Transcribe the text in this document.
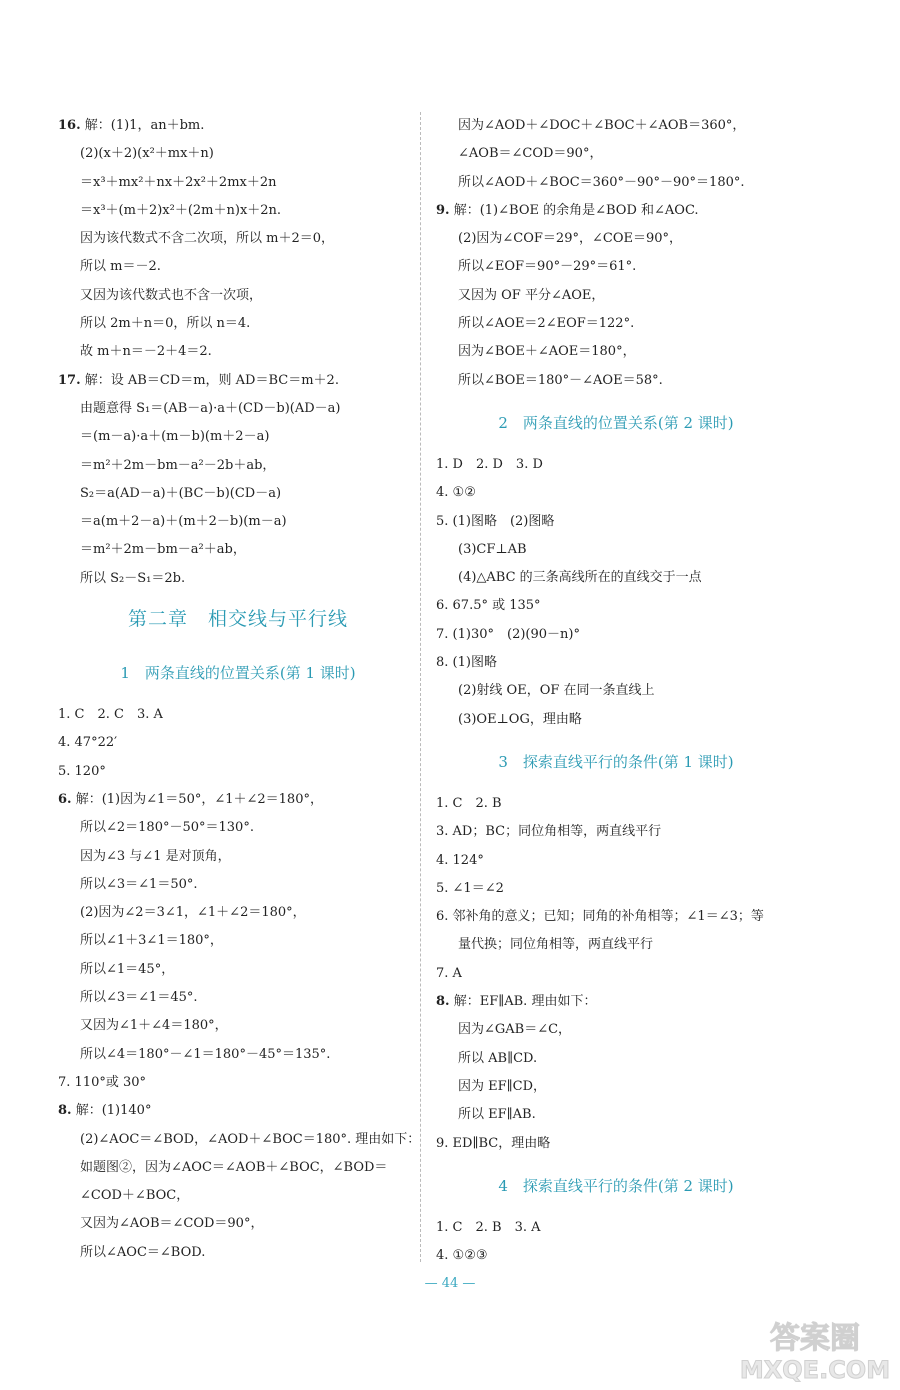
16. 解：(1)1，an＋bm.
(2)(x＋2)(x²＋mx＋n)
＝x³＋mx²＋nx＋2x²＋2mx＋2n
＝x³＋(m＋2)x²＋(2m＋n)x＋2n.
因为该代数式不含二次项，所以 m＋2＝0，
所以 m＝－2.
又因为该代数式也不含一次项，
所以 2m＋n＝0，所以 n＝4.
故 m＋n＝－2＋4＝2.
17. 解：设 AB＝CD＝m，则 AD＝BC＝m＋2.
由题意得 S₁＝(AB－a)·a＋(CD－b)(AD－a)
＝(m－a)·a＋(m－b)(m＋2－a)
＝m²＋2m－bm－a²－2b＋ab，
S₂＝a(AD－a)＋(BC－b)(CD－a)
＝a(m＋2－a)＋(m＋2－b)(m－a)
＝m²＋2m－bm－a²＋ab，
所以 S₂－S₁＝2b.
第二章　相交线与平行线
1　两条直线的位置关系(第 1 课时)
1. C　2. C　3. A
4. 47°22′
5. 120°
6. 解：(1)因为∠1＝50°，∠1＋∠2＝180°，
所以∠2＝180°－50°＝130°.
因为∠3 与∠1 是对顶角，
所以∠3＝∠1＝50°.
(2)因为∠2＝3∠1，∠1＋∠2＝180°，
所以∠1＋3∠1＝180°，
所以∠1＝45°，
所以∠3＝∠1＝45°.
又因为∠1＋∠4＝180°，
所以∠4＝180°－∠1＝180°－45°＝135°.
7. 110°或 30°
8. 解：(1)140°
(2)∠AOC＝∠BOD，∠AOD＋∠BOC＝180°. 理由如下：
如题图②，因为∠AOC＝∠AOB＋∠BOC，∠BOD＝
∠COD＋∠BOC，
又因为∠AOB＝∠COD＝90°，
所以∠AOC＝∠BOD.
因为∠AOD＋∠DOC＋∠BOC＋∠AOB＝360°，
∠AOB＝∠COD＝90°，
所以∠AOD＋∠BOC＝360°－90°－90°＝180°.
9. 解：(1)∠BOE 的余角是∠BOD 和∠AOC.
(2)因为∠COF＝29°，∠COE＝90°，
所以∠EOF＝90°－29°＝61°.
又因为 OF 平分∠AOE，
所以∠AOE＝2∠EOF＝122°.
因为∠BOE＋∠AOE＝180°，
所以∠BOE＝180°－∠AOE＝58°.
2　两条直线的位置关系(第 2 课时)
1. D　2. D　3. D
4. ①②
5. (1)图略　(2)图略
(3)CF⊥AB
(4)△ABC 的三条高线所在的直线交于一点
6. 67.5° 或 135°
7. (1)30°　(2)(90－n)°
8. (1)图略
(2)射线 OE，OF 在同一条直线上
(3)OE⊥OG，理由略
3　探索直线平行的条件(第 1 课时)
1. C　2. B
3. AD；BC；同位角相等，两直线平行
4. 124°
5. ∠1＝∠2
6. 邻补角的意义；已知；同角的补角相等；∠1＝∠3；等
量代换；同位角相等，两直线平行
7. A
8. 解：EF∥AB. 理由如下：
因为∠GAB＝∠C，
所以 AB∥CD.
因为 EF∥CD，
所以 EF∥AB.
9. ED∥BC，理由略
4　探索直线平行的条件(第 2 课时)
1. C　2. B　3. A
4. ①②③
— 44 —
答案圈
MXQE.COM
